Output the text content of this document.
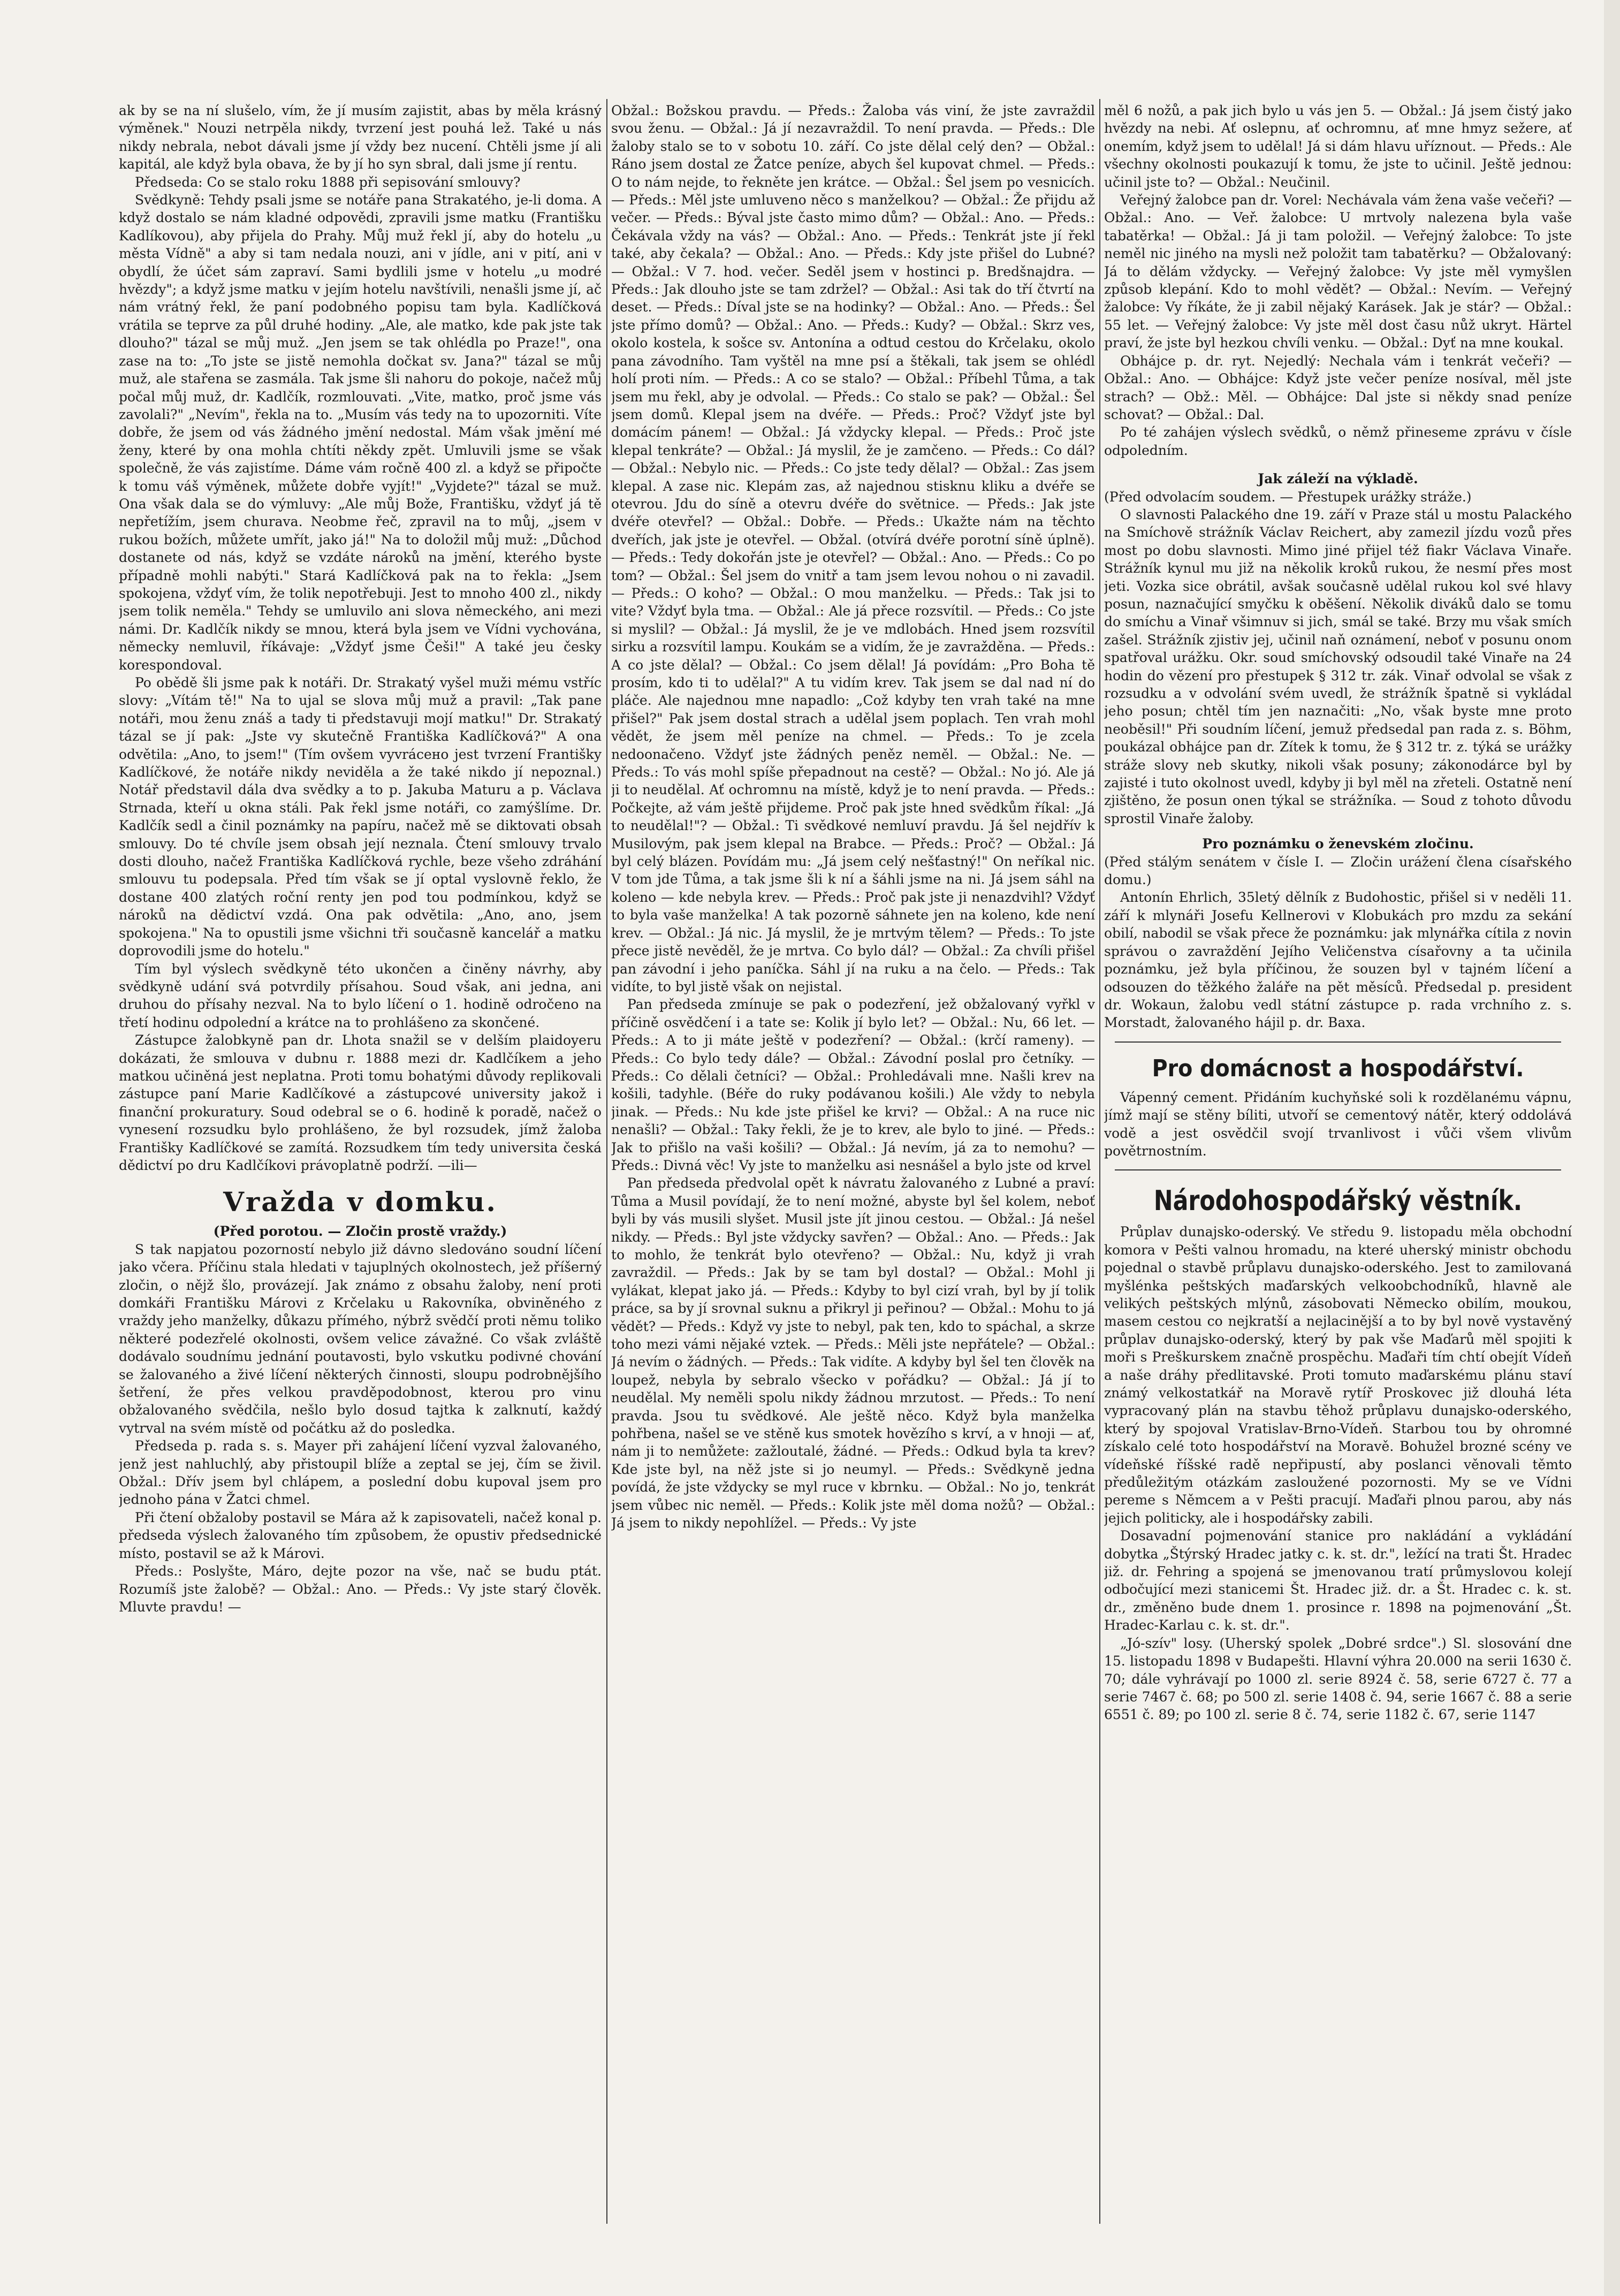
ak by se na ní slušelo, vím, že jí musím zajistit, abas by měla krásný výměnek." Nouzi netrpěla nikdy, tvrzení jest pouhá lež. Také u nás nikdy nebrala, nebot dávali jsme jí vždy bez nucení. Chtěli jsme jí ali kapitál, ale když byla obava, že by jí ho syn sbral, dali jsme jí rentu.

Předseda: Co se stalo roku 1888 při sepisování smlouvy?

Svědkyně: Tehdy psali jsme se notáře pana Strakatého, je-li doma. A když dostalo se nám kladné odpovědi, zpravili jsme matku (Františku Kadlíkovou), aby přijela do Prahy. Můj muž řekl jí, aby do hotelu „u města Vídně" a aby si tam nedala nouzi, ani v jídle, ani v pití, ani v obydlí, že účet sám zapraví. Sami bydlili jsme v hotelu „u modré hvězdy"; a když jsme matku v jejím hotelu navštívili, nenašli jsme jí, ač nám vrátný řekl, že paní podobného popisu tam byla. Kadlíčková vrátila se teprve za půl druhé hodiny. „Ale, ale matko, kde pak jste tak dlouho?" tázal se můj muž. „Jen jsem se tak ohlédla po Praze!", ona zase na to: „To jste se jistě nemohla dočkat sv. Jana?" tázal se můj muž, ale stařena se zasmála. Tak jsme šli nahoru do pokoje, načež můj počal můj muž, dr. Kadlčík, rozmlouvati. „Vite, matko, proč jsme vás zavolali?" „Nevím", řekla na to. „Musím vás tedy na to upozorniti. Víte dobře, že jsem od vás žádného jmění nedostal. Mám však jmění mé ženy, které by ona mohla chtíti někdy zpět. Umluvili jsme se však společně, že vás zajistíme. Dáme vám ročně 400 zl. a když se připočte k tomu váš výměnek, můžete dobře vyjít!" „Vyjdete?" tázal se muž. Ona však dala se do výmluvy: „Ale můj Bože, Františku, vždyť já tě nepřetížím, jsem churava. Neobme řeč, zpravil na to můj, „jsem v rukou božích, můžete umřít, jako já!" Na to doložil můj muž: „Důchod dostanete od nás, když se vzdáte nároků na jmění, kterého byste případně mohli nabýti." Stará Kadlíčková pak na to řekla: „Jsem spokojena, vždyť vím, že tolik nepotřebuji. Jest to mnoho 400 zl., nikdy jsem tolik neměla." Tehdy se umluvilo ani slova německého, ani mezi námi. Dr. Kadlčík nikdy se mnou, která byla jsem ve Vídni vychována, německy nemluvil, říkávaje: „Vždyť jsme Češi!" A také jeu česky korespondoval.

Po obědě šli jsme pak k notáři. Dr. Strakatý vyšel muži mému vstříc slovy: „Vítám tě!" Na to ujal se slova můj muž a pravil: „Tak pane notáři, mou ženu znáš a tady ti představuji mojí matku!" Dr. Strakatý tázal se jí pak: „Jste vy skutečně Františka Kadlíčková?" A ona odvětila: „Ano, to jsem!" (Tím ovšem vyvrácено jest tvrzení Františky Kadlíčkové, že notáře nikdy neviděla a že také nikdo jí nepoznal.) Notář představil dála dva svědky a to p. Jakuba Maturu a p. Václava Strnada, kteří u okna stáli. Pak řekl jsme notáři, co zamýšlíme. Dr. Kadlčík sedl a činil poznámky na papíru, načež mě se diktovati obsah smlouvy. Do té chvíle jsem obsah její neznala. Čtení smlouvy trvalo dosti dlouho, načež Františka Kadlíčková rychle, beze všeho zdráhání smlouvu tu podepsala. Před tím však se jí optal vyslovně řeklo, že dostane 400 zlatých roční renty jen pod tou podmínkou, když se nároků na dědictví vzdá. Ona pak odvětila: „Ano, ano, jsem spokojena." Na to opustili jsme všichni tři současně kancelář a matku doprovodili jsme do hotelu."

Tím byl výslech svědkyně této ukončen a činěny návrhy, aby svědkyně udání svá potvrdily přísahou. Soud však, ani jedna, ani druhou do přísahy nezval. Na to bylo líčení o 1. hodině odročeno na třetí hodinu odpolední a krátce na to prohlášeno za skončené.

Zástupce žalobkyně pan dr. Lhota snažil se v delším plaidoyeru dokázati, že smlouva v dubnu r. 1888 mezi dr. Kadlčíkem a jeho matkou učiněná jest neplatna. Proti tomu bohatými důvody replikovali zástupce paní Marie Kadlčíkové a zástupcové university jakož i finanční prokuratury. Soud odebral se o 6. hodině k poradě, načež o vynesení rozsudku bylo prohlášeno, že byl rozsudek, jímž žaloba Františky Kadlíčkové se zamítá. Rozsudkem tím tedy universita česká dědictví po dru Kadlčíkovi právoplatně podrží. —ili—

Vražda v domku.

(Před porotou. — Zločin prostě vraždy.)

S tak napjatou pozorností nebylo již dávno sledováno soudní líčení jako včera. Příčinu stala hledati v tajuplných okolnostech, jež příšerný zločin, o nějž šlo, provázejí. Jak známo z obsahu žaloby, není proti domkáři Františku Márovi z Krčelaku u Rakovníka, obviněného z vraždy jeho manželky, důkazu přímého, nýbrž svědčí proti němu toliko některé podezřelé okolnosti, ovšem velice závažné. Co však zvláště dodávalo soudnímu jednání poutavosti, bylo vskutku podivné chování se žalovaného a živé líčení některých činnosti, sloupu podrobnějšího šetření, že přes velkou pravděpodobnost, kterou pro vinu obžalovaného svědčila, nešlo bylo dosud tajtka k zalknutí, každý vytrval na svém místě od počátku až do posledka.

Předseda p. rada s. s. Mayer při zahájení líčení vyzval žalovaného, jenž jest nahluchlý, aby přistoupil blíže a zeptal se jej, čím se živil. Obžal.: Dřív jsem byl chlápem, a poslední dobu kupoval jsem pro jednoho pána v Žatci chmel.

Při čtení obžaloby postavil se Mára až k zapisovateli, načež konal p. předseda výslech žalovaného tím způsobem, že opustiv předsednické místo, postavil se až k Márovi.

Předs.: Poslyšte, Máro, dejte pozor na vše, nač se budu ptát. Rozumíš jste žalobě? — Obžal.: Ano. — Předs.: Vy jste starý člověk. Mluvte pravdu! —

Obžal.: Božskou pravdu. — Předs.: Žaloba vás viní, že jste zavraždil svou ženu. — Obžal.: Já jí nezavraždil. To není pravda. — Předs.: Dle žaloby stalo se to v sobotu 10. září. Co jste dělal celý den? — Obžal.: Ráno jsem dostal ze Žatce peníze, abych šel kupovat chmel. — Předs.: O to nám nejde, to řekněte jen krátce. — Obžal.: Šel jsem po vesnicích. — Předs.: Měl jste umluveno něco s manželkou? — Obžal.: Že přijdu až večer. — Předs.: Býval jste často mimo dům? — Obžal.: Ano. — Předs.: Čekávala vždy na vás? — Obžal.: Ano. — Předs.: Tenkrát jste jí řekl také, aby čekala? — Obžal.: Ano. — Předs.: Kdy jste přišel do Lubné? — Obžal.: V 7. hod. večer. Seděl jsem v hostinci p. Bredšnajdra. — Předs.: Jak dlouho jste se tam zdržel? — Obžal.: Asi tak do tří čtvrtí na deset. — Předs.: Díval jste se na hodinky? — Obžal.: Ano. — Předs.: Šel jste přímo domů? — Obžal.: Ano. — Předs.: Kudy? — Obžal.: Skrz ves, okolo kostela, k sošce sv. Antonína a odtud cestou do Krčelaku, okolo pana závodního. Tam vyštěl na mne psí a štěkali, tak jsem se ohlédl holí proti ním. — Předs.: A co se stalo? — Obžal.: Příbehl Tůma, a tak jsem mu řekl, aby je odvolal. — Předs.: Co stalo se pak? — Obžal.: Šel jsem domů. Klepal jsem na dvéře. — Předs.: Proč? Vždyť jste byl domácím pánem! — Obžal.: Já vždycky klepal. — Předs.: Proč jste klepal tenkráte? — Obžal.: Já myslil, že je zamčeno. — Předs.: Co dál? — Obžal.: Nebylo nic. — Předs.: Co jste tedy dělal? — Obžal.: Zas jsem klepal. A zase nic. Klepám zas, až najednou stisknu kliku a dvéře se otevrou. Jdu do síně a otevru dvéře do světnice. — Předs.: Jak jste dvéře otevřel? — Obžal.: Dobře. — Předs.: Ukažte nám na těchto dveřích, jak jste je otevřel. — Obžal. (otvírá dvéře porotní síně úplně). — Předs.: Tedy dokořán jste je otevřel? — Obžal.: Ano. — Předs.: Co po tom? — Obžal.: Šel jsem do vnitř a tam jsem levou nohou o ni zavadil. — Předs.: O koho? — Obžal.: O mou manželku. — Předs.: Tak jsi to vite? Vždyť byla tma. — Obžal.: Ale já přece rozsvítil. — Předs.: Co jste si myslil? — Obžal.: Já myslil, že je ve mdlobách. Hned jsem rozsvítil sirku a rozsvítil lampu. Koukám se a vidím, že je zavražděna. — Předs.: A co jste dělal? — Obžal.: Co jsem dělal! Já povídám: „Pro Boha tě prosím, kdo ti to udělal?" A tu vidím krev. Tak jsem se dal nad ní do pláče. Ale najednou mne napadlo: „Což kdyby ten vrah také na mne přišel?" Pak jsem dostal strach a udělal jsem poplach. Ten vrah mohl vědět, že jsem měl peníze na chmel. — Předs.: To je zcela nedoonačeno. Vždyť jste žádných peněz neměl. — Obžal.: Ne. — Předs.: To vás mohl spíše přepadnout na cestě? — Obžal.: No jó. Ale já ji to neudělal. Ať ochromnu na místě, když je to není pravda. — Předs.: Počkejte, až vám ještě přijdeme. Proč pak jste hned svědkům říkal: „Já to neudělal!"? — Obžal.: Ti svědkové nemluví pravdu. Já šel nejdřív k Musilovým, pak jsem klepal na Brabce. — Předs.: Proč? — Obžal.: Já byl celý blázen. Povídám mu: „Já jsem celý nešťastný!" On neříkal nic. V tom jde Tůma, a tak jsme šli k ní a šáhli jsme na ni. Já jsem sáhl na koleno — kde nebyla krev. — Předs.: Proč pak jste ji nenazdvihl? Vždyť to byla vaše manželka! A tak pozorně sáhnete jen na koleno, kde není krev. — Obžal.: Já nic. Já myslil, že je mrtvým tělem? — Předs.: To jste přece jistě nevěděl, že je mrtva. Co bylo dál? — Obžal.: Za chvíli přišel pan závodní i jeho paníčka. Sáhl jí na ruku a na čelo. — Předs.: Tak vidíte, to byl jistě však on nejistal.

Pan předseda zmínuje se pak o podezření, jež obžalovaný vyřkl v příčině osvědčení i a tate se: Kolik jí bylo let? — Obžal.: Nu, 66 let. — Předs.: A to ji máte ještě v podezření? — Obžal.: (krčí rameny). — Předs.: Co bylo tedy dále? — Obžal.: Závodní poslal pro četníky. — Předs.: Co dělali četníci? — Obžal.: Prohledávali mne. Našli krev na košili, tadyhle. (Béře do ruky podávanou košili.) Ale vždy to nebyla jinak. — Předs.: Nu kde jste přišel ke krvi? — Obžal.: A na ruce nic nenašli? — Obžal.: Taky řekli, že je to krev, ale bylo to jiné. — Předs.: Jak to přišlo na vaši košili? — Obžal.: Já nevím, já za to nemohu? — Předs.: Divná věc! Vy jste to manželku asi nesnášel a bylo jste od krvel

Pan předseda předvolal opět k návratu žalovaného z Lubné a praví: Tůma a Musil povídají, že to není možné, abyste byl šel kolem, neboť byli by vás musili slyšet. Musil jste jít jinou cestou. — Obžal.: Já nešel nikdy. — Předs.: Byl jste vždycky savřen? — Obžal.: Ano. — Předs.: Jak to mohlo, že tenkrát bylo otevřeno? — Obžal.: Nu, když ji vrah zavraždil. — Předs.: Jak by se tam byl dostal? — Obžal.: Mohl ji vylákat, klepat jako já. — Předs.: Kdyby to byl cizí vrah, byl by jí tolik práce, sa by jí srovnal suknu a přikryl ji peřinou? — Obžal.: Mohu to já vědět? — Předs.: Když vy jste to nebyl, pak ten, kdo to spáchal, a skrze toho mezi vámi nějaké vztek. — Předs.: Měli jste nepřátele? — Obžal.: Já nevím o žádných. — Předs.: Tak vidíte. A kdyby byl šel ten člověk na loupež, nebyla by sebralo všecko v pořádku? — Obžal.: Já jí to neudělal. My neměli spolu nikdy žádnou mrzutost. — Předs.: To není pravda. Jsou tu svědkové. Ale ještě něco. Když byla manželka pohřbena, našel se ve stěně kus smotek hovězího s krví, a v hnoji — ať, nám ji to nemůžete: zažloutalé, žádné. — Předs.: Odkud byla ta krev? Kde jste byl, na něž jste si jo neumyl. — Předs.: Svědkyně jedna povídá, že jste vždycky se myl ruce v kbrnku. — Obžal.: No jo, tenkrát jsem vůbec nic neměl. — Předs.: Kolik jste měl doma nožů? — Obžal.: Já jsem to nikdy nepohlížel. — Předs.: Vy jste

měl 6 nožů, a pak jich bylo u vás jen 5. — Obžal.: Já jsem čistý jako hvězdy na nebi. Ať oslepnu, ať ochromnu, ať mne hmyz sežere, ať onemím, když jsem to udělal! Já si dám hlavu uříznout. — Předs.: Ale všechny okolnosti poukazují k tomu, že jste to učinil. Ještě jednou: učinil jste to? — Obžal.: Neučinil.

Veřejný žalobce pan dr. Vorel: Nechávala vám žena vaše večeři? — Obžal.: Ano. — Veř. žalobce: U mrtvoly nalezena byla vaše tabatěrka! — Obžal.: Já ji tam položil. — Veřejný žalobce: To jste neměl nic jiného na mysli než položit tam tabatěrku? — Obžalovaný: Já to dělám vždycky. — Veřejný žalobce: Vy jste měl vymyšlen způsob klepání. Kdo to mohl vědět? — Obžal.: Nevím. — Veřejný žalobce: Vy říkáte, že ji zabil nějaký Karásek. Jak je stár? — Obžal.: 55 let. — Veřejný žalobce: Vy jste měl dost času nůž ukryt. Härtel praví, že jste byl hezkou chvíli venku. — Obžal.: Dyť na mne koukal.

Obhájce p. dr. ryt. Nejedlý: Nechala vám i tenkrát večeři? — Obžal.: Ano. — Obhájce: Když jste večer peníze nosíval, měl jste strach? — Obž.: Měl. — Obhájce: Dal jste si někdy snad peníze schovat? — Obžal.: Dal.

Po té zahájen výslech svědků, o němž přineseme zprávu v čísle odpoledním.

Jak záleží na výkladě.

(Před odvolacím soudem. — Přestupek urážky stráže.)

O slavnosti Palackého dne 19. září v Praze stál u mostu Palackého na Smíchově strážník Václav Reichert, aby zamezil jízdu vozů přes most po dobu slavnosti. Mimo jiné přijel též fiakr Václava Vinaře. Strážník kynul mu již na několik kroků rukou, že nesmí přes most jeti. Vozka sice obrátil, avšak současně udělal rukou kol své hlavy posun, naznačující smyčku k oběšení. Několik diváků dalo se tomu do smíchu a Vinař všimnuv si jich, smál se také. Brzy mu však smích zašel. Strážník zjistiv jej, učinil naň oznámení, neboť v posunu onom spatřoval urážku. Okr. soud smíchovský odsoudil také Vinaře na 24 hodin do vězení pro přestupek § 312 tr. zák. Vinař odvolal se však z rozsudku a v odvolání svém uvedl, že strážník špatně si vykládal jeho posun; chtěl tím jen naznačiti: „No, však byste mne proto neoběsil!" Při soudním líčení, jemuž předsedal pan rada z. s. Böhm, poukázal obhájce pan dr. Zítek k tomu, že § 312 tr. z. týká se urážky stráže slovy neb skutky, nikoli však posuny; zákonodárce byl by zajisté i tuto okolnost uvedl, kdyby ji byl měl na zřeteli. Ostatně není zjištěno, že posun onen týkal se strážníka. — Soud z tohoto důvodu sprostil Vinaře žaloby.

Pro poznámku o ženevském zločinu.

(Před stálým senátem v čísle I. — Zločin urážení člena císařského domu.)

Antonín Ehrlich, 35letý dělník z Budohostic, přišel si v neděli 11. září k mlynáři Josefu Kellnerovi v Klobukách pro mzdu za sekání obilí, nabodil se však přece že poznámku: jak mlynářka cítila z novin správou o zavraždění Jejího Veličenstva císařovny a ta učinila poznámku, jež byla příčinou, že souzen byl v tajném líčení a odsouzen do těžkého žaláře na pět měsíců. Předsedal p. president dr. Wokaun, žalobu vedl státní zástupce p. rada vrchního z. s. Morstadt, žalovaného hájil p. dr. Baxa.

Pro domácnost a hospodářství.

Vápenný cement. Přidáním kuchyňské soli k rozdělanému vápnu, jímž mají se stěny bíliti, utvoří se cementový nátěr, který oddolává vodě a jest osvědčil svojí trvanlivost i vůči všem vlivům povětrnostním.

Národohospodářský věstník.

Průplav dunajsko-oderský. Ve středu 9. listopadu měla obchodní komora v Pešti valnou hromadu, na které uherský ministr obchodu pojednal o stavbě průplavu dunajsko-oderského. Jest to zamilovaná myšlénka peštských maďarských velkoobchodníků, hlavně ale velikých peštských mlýnů, zásobovati Německo obilím, moukou, masem cestou co nejkratší a nejlacinější a to by byl nově vystavěný průplav dunajsko-oderský, který by pak vše Maďarů měl spojiti k moři s Preškurskem značně prospěchu. Maďaři tím chtí obejít Vídeň a naše dráhy předlitavské. Proti tomuto maďarskému plánu staví známý velkostatkář na Moravě rytíř Proskovec již dlouhá léta vypracovaný plán na stavbu těhož průplavu dunajsko-oderského, který by spojoval Vratislav-Brno-Vídeň. Starbou tou by ohromné získalo celé toto hospodářství na Moravě. Bohužel brozné scény ve vídeňské říšské radě nepřipustí, aby poslanci věnovali těmto předůležitým otázkám zasloužené pozornosti. My se ve Vídni pereme s Němcem a v Pešti pracují. Maďaři plnou parou, aby nás jejich politicky, ale i hospodářsky zabili.

Dosavadní pojmenování stanice pro nakládání a vykládání dobytka „Štýrský Hradec jatky c. k. st. dr.", ležící na trati Št. Hradec již. dr. Fehring a spojená se jmenovanou tratí průmyslovou kolejí odbočující mezi stanicemi Št. Hradec již. dr. a Št. Hradec c. k. st. dr., změněno bude dnem 1. prosince r. 1898 na pojmenování „Št. Hradec-Karlau c. k. st. dr.".

„Jó-szív" losy. (Uherský spolek „Dobré srdce".) Sl. slosování dne 15. listopadu 1898 v Budapešti. Hlavní výhra 20.000 na serii 1630 č. 70; dále vyhrávají po 1000 zl. serie 8924 č. 58, serie 6727 č. 77 a serie 7467 č. 68; po 500 zl. serie 1408 č. 94, serie 1667 č. 88 a serie 6551 č. 89; po 100 zl. serie 8 č. 74, serie 1182 č. 67, serie 1147
